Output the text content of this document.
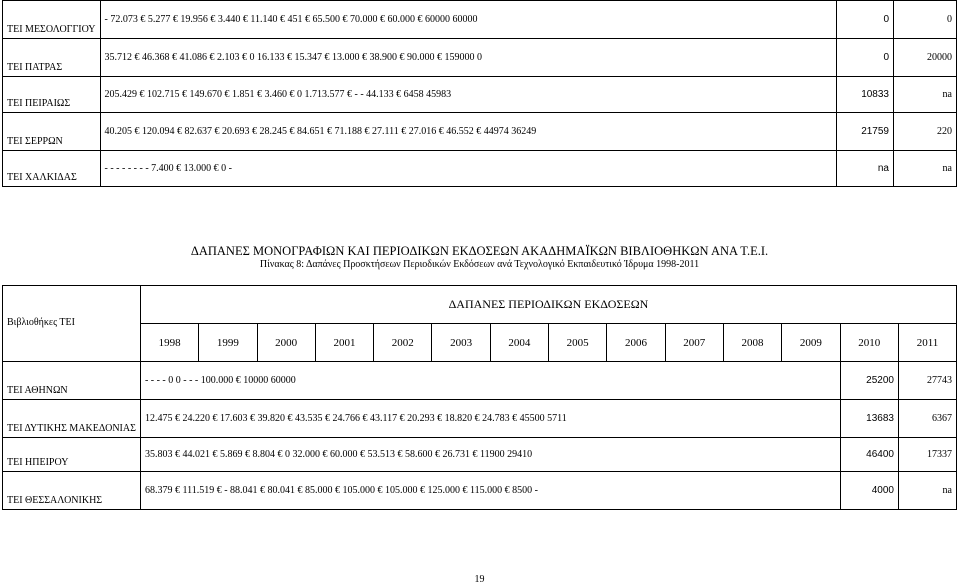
ΤΕΙ ΜΕΣΟΛΟΓΓΙΟΥ	- 72.073 € 5.277 € 19.956 € 3.440 € 11.140 € 451 € 65.500 € 70.000 € 60.000 € 60000 60000	0	0
ΤΕΙ ΠΑΤΡΑΣ	35.712 € 46.368 € 41.086 € 2.103 € 0 16.133 € 15.347 € 13.000 € 38.900 € 90.000 € 159000 0	0	20000
ΤΕΙ ΠΕΙΡΑΙΩΣ	205.429 € 102.715 € 149.670 € 1.851 € 3.460 € 0 1.713.577 € - - 44.133 € 6458 45983	10833	na
ΤΕΙ ΣΕΡΡΩΝ	40.205 € 120.094 € 82.637 € 20.693 € 28.245 € 84.651 € 71.188 € 27.111 € 27.016 € 46.552 € 44974 36249	21759	220
ΤΕΙ ΧΑΛΚΙΔΑΣ	- - - - - - - - 7.400 € 13.000 € 0 -	na	na
ΔΑΠΑΝΕΣ ΜΟΝΟΓΡΑΦΙΩΝ ΚΑΙ ΠΕΡΙΟΔΙΚΩΝ ΕΚΔΟΣΕΩΝ ΑΚΑΔΗΜΑΪΚΩΝ ΒΙΒΛΙΟΘΗΚΩΝ ΑΝΑ Τ.Ε.Ι.
Πίνακας 8: Δαπάνες Προσκτήσεων Περιοδικών Εκδόσεων ανά Τεχνολογικό Εκπαιδευτικό Ίδρυμα 1998-2011
Βιβλιοθήκες ΤΕΙ	ΔΑΠΑΝΕΣ ΠΕΡΙΟΔΙΚΩΝ ΕΚΔΟΣΕΩΝ													
	1998	1999	2000	2001	2002	2003	2004	2005	2006	2007	2008	2009	2010	2011
ΤΕΙ ΑΘΗΝΩΝ	- - - - 0 0 - - - 100.000 € 10000 60000												25200	27743
ΤΕΙ ΔΥΤΙΚΗΣ ΜΑΚΕΔΟΝΙΑΣ	12.475 € 24.220 € 17.603 € 39.820 € 43.535 € 24.766 € 43.117 € 20.293 € 18.820 € 24.783 € 45500 5711												13683	6367
ΤΕΙ ΗΠΕΙΡΟΥ	35.803 € 44.021 € 5.869 € 8.804 € 0 32.000 € 60.000 € 53.513 € 58.600 € 26.731 € 11900 29410												46400	17337
ΤΕΙ ΘΕΣΣΑΛΟΝΙΚΗΣ	68.379 € 111.519 € - 88.041 € 80.041 € 85.000 € 105.000 € 105.000 € 125.000 € 115.000 € 8500 -												4000	na
19
